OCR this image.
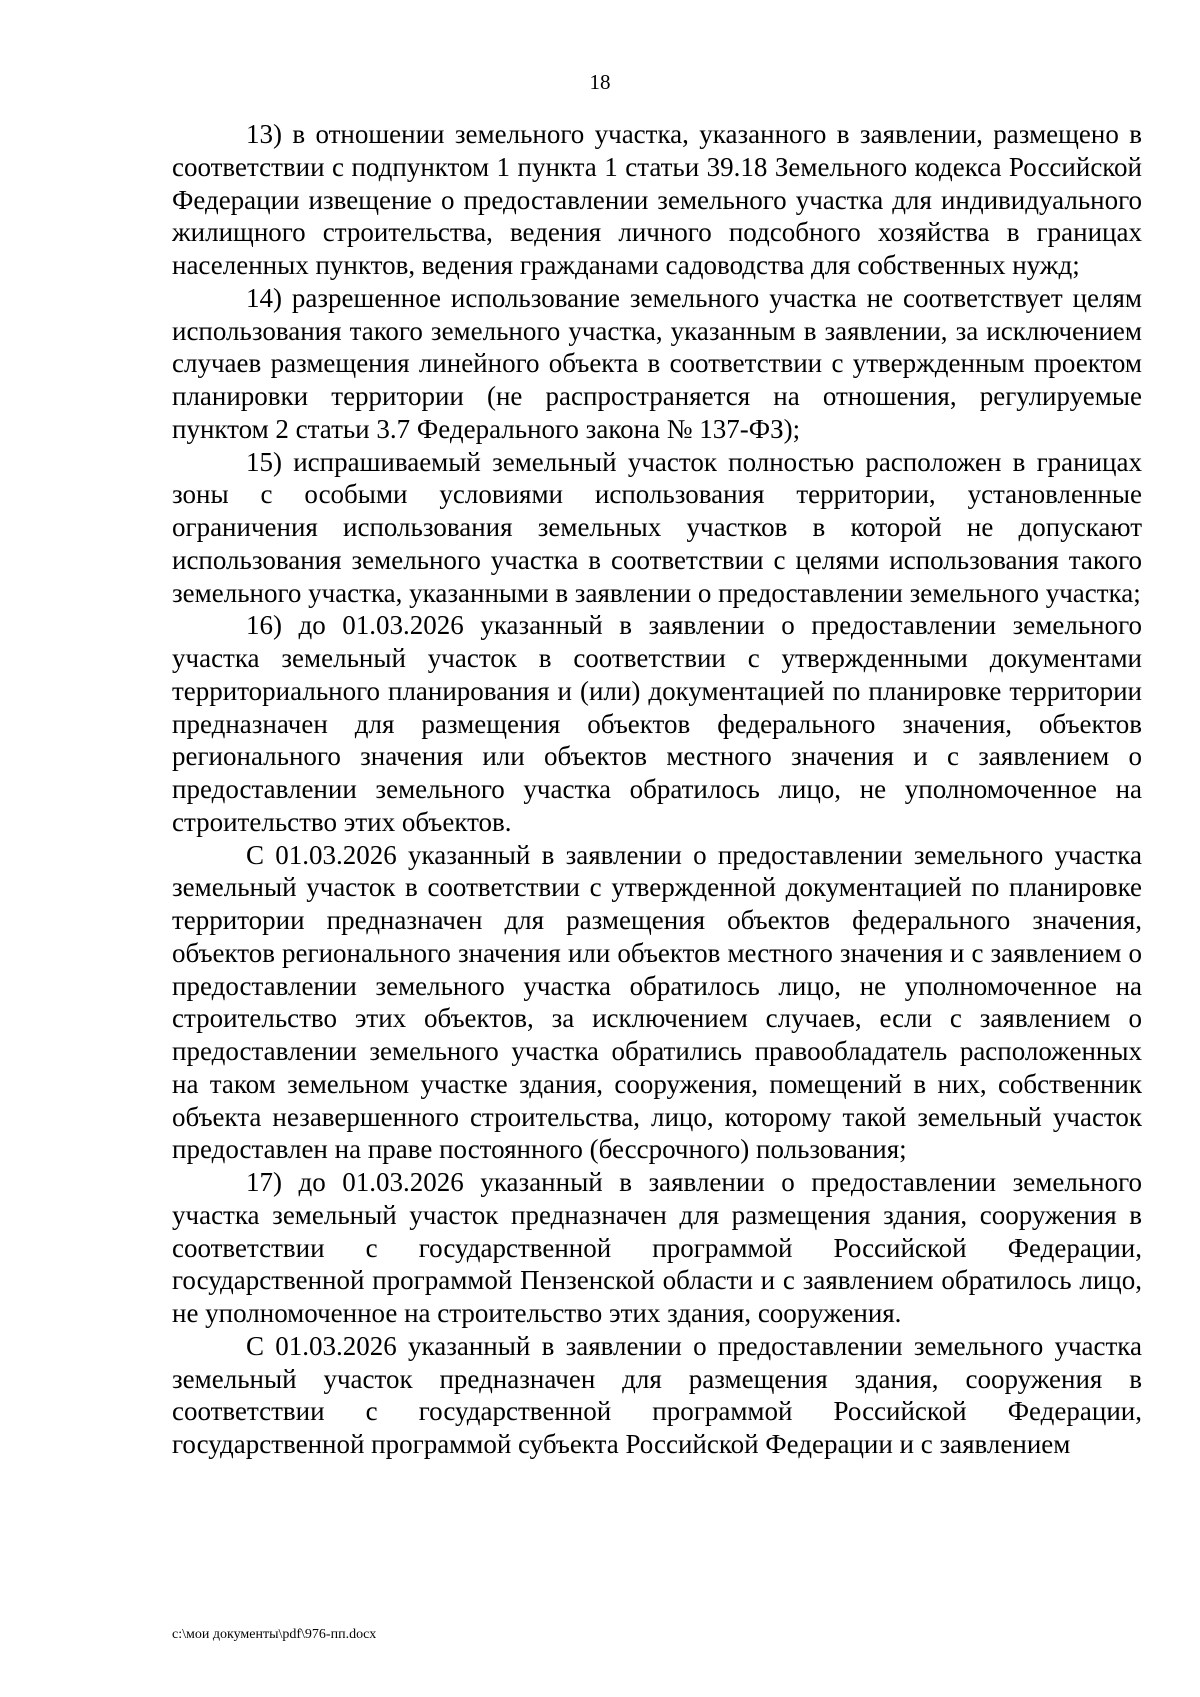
18

13) в отношении земельного участка, указанного в заявлении, размещено в соответствии с подпунктом 1 пункта 1 статьи 39.18 Земельного кодекса Российской Федерации извещение о предоставлении земельного участка для индивидуального жилищного строительства, ведения личного подсобного хозяйства в границах населенных пунктов, ведения гражданами садоводства для собственных нужд;

14) разрешенное использование земельного участка не соответствует целям использования такого земельного участка, указанным в заявлении, за исключением случаев размещения линейного объекта в соответствии с утвержденным проектом планировки территории (не распространяется на отношения, регулируемые пунктом 2 статьи 3.7 Федерального закона № 137-ФЗ);

15) испрашиваемый земельный участок полностью расположен в границах зоны с особыми условиями использования территории, установленные ограничения использования земельных участков в которой не допускают использования земельного участка в соответствии с целями использования такого земельного участка, указанными в заявлении о предоставлении земельного участка;

16) до 01.03.2026 указанный в заявлении о предоставлении земельного участка земельный участок в соответствии с утвержденными документами территориального планирования и (или) документацией по планировке территории предназначен для размещения объектов федерального значения, объектов регионального значения или объектов местного значения и с заявлением о предоставлении земельного участка обратилось лицо, не уполномоченное на строительство этих объектов.

С 01.03.2026 указанный в заявлении о предоставлении земельного участка земельный участок в соответствии с утвержденной документацией по планировке территории предназначен для размещения объектов федерального значения, объектов регионального значения или объектов местного значения и с заявлением о предоставлении земельного участка обратилось лицо, не уполномоченное на строительство этих объектов, за исключением случаев, если с заявлением о предоставлении земельного участка обратились правообладатель расположенных на таком земельном участке здания, сооружения, помещений в них, собственник объекта незавершенного строительства, лицо, которому такой земельный участок предоставлен на праве постоянного (бессрочного) пользования;

17) до 01.03.2026 указанный в заявлении о предоставлении земельного участка земельный участок предназначен для размещения здания, сооружения в соответствии с государственной программой Российской Федерации, государственной программой Пензенской области и с заявлением обратилось лицо, не уполномоченное на строительство этих здания, сооружения.

С 01.03.2026 указанный в заявлении о предоставлении земельного участка земельный участок предназначен для размещения здания, сооружения в соответствии с государственной программой Российской Федерации, государственной программой субъекта Российской Федерации и с заявлением

c:\мои документы\pdf\976-пп.docx
